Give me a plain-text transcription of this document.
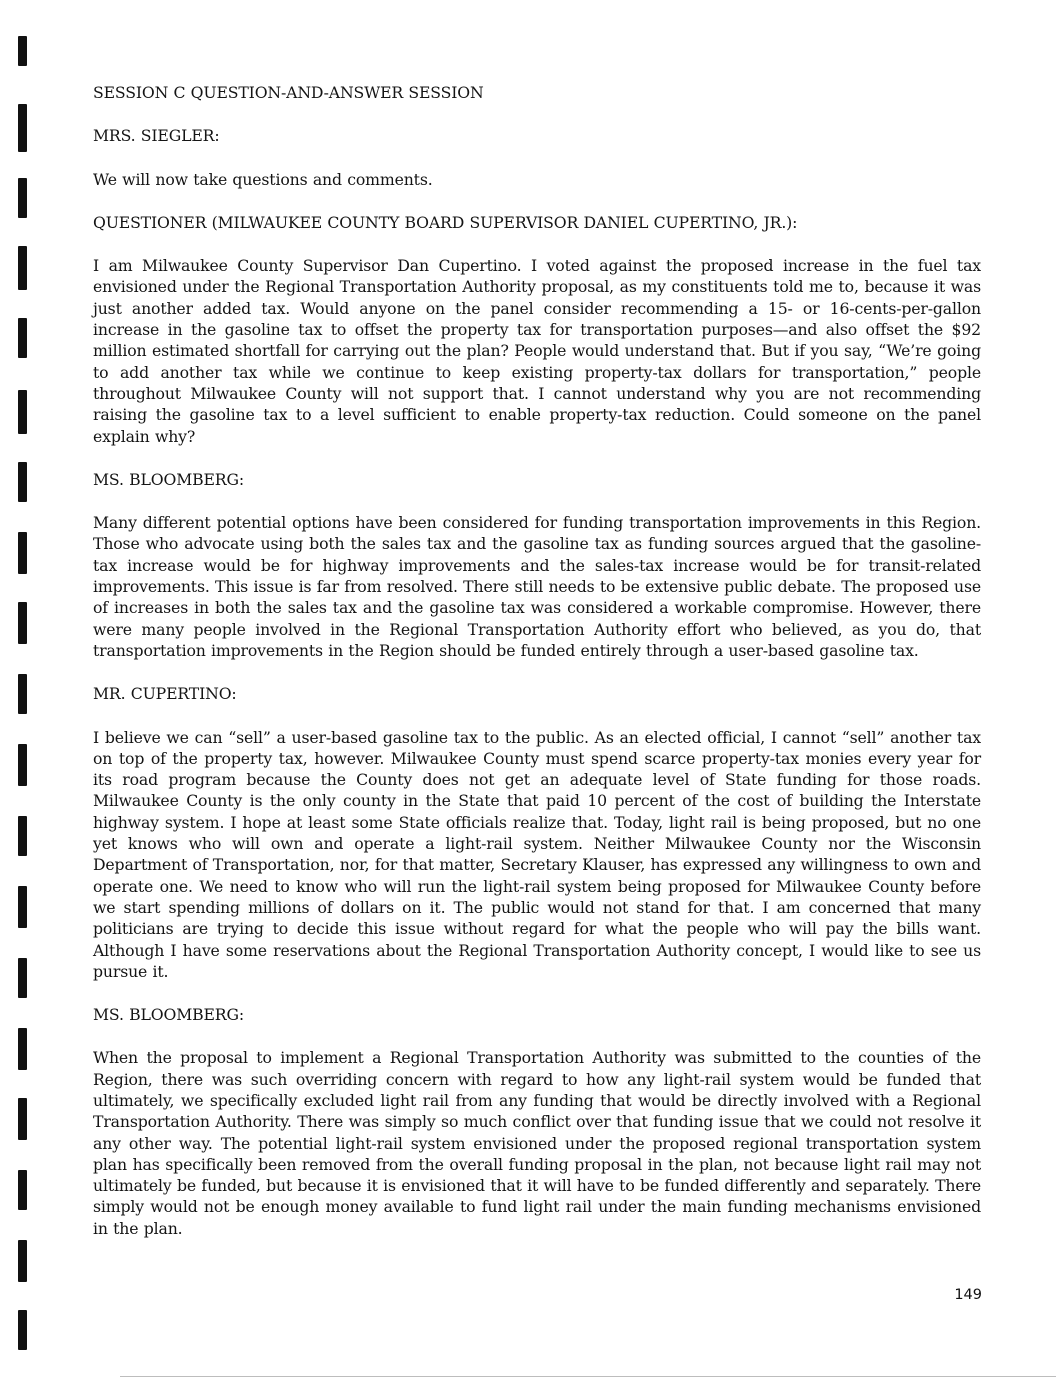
SESSION C QUESTION-AND-ANSWER SESSION

MRS. SIEGLER:

We will now take questions and comments.

QUESTIONER (MILWAUKEE COUNTY BOARD SUPERVISOR DANIEL CUPERTINO, JR.):

I am Milwaukee County Supervisor Dan Cupertino. I voted against the proposed increase in the fuel tax envisioned under the Regional Transportation Authority proposal, as my constituents told me to, because it was just another added tax. Would anyone on the panel consider recommending a 15- or 16-cents-per-gallon increase in the gasoline tax to offset the property tax for transportation purposes—and also offset the $92 million estimated shortfall for carrying out the plan? People would understand that. But if you say, “We’re going to add another tax while we continue to keep existing property-tax dollars for transportation,” people throughout Milwaukee County will not support that. I cannot understand why you are not recommending raising the gasoline tax to a level sufficient to enable property-tax reduction. Could someone on the panel explain why?

MS. BLOOMBERG:

Many different potential options have been considered for funding transportation improvements in this Region. Those who advocate using both the sales tax and the gasoline tax as funding sources argued that the gasoline-tax increase would be for highway improvements and the sales-tax increase would be for transit-related improvements. This issue is far from resolved. There still needs to be extensive public debate. The proposed use of increases in both the sales tax and the gasoline tax was considered a workable compromise. However, there were many people involved in the Regional Transportation Authority effort who believed, as you do, that transportation improvements in the Region should be funded entirely through a user-based gasoline tax.

MR. CUPERTINO:

I believe we can “sell” a user-based gasoline tax to the public. As an elected official, I cannot “sell” another tax on top of the property tax, however. Milwaukee County must spend scarce property-tax monies every year for its road program because the County does not get an adequate level of State funding for those roads. Milwaukee County is the only county in the State that paid 10 percent of the cost of building the Interstate highway system. I hope at least some State officials realize that. Today, light rail is being proposed, but no one yet knows who will own and operate a light-rail system. Neither Milwaukee County nor the Wisconsin Department of Transportation, nor, for that matter, Secretary Klauser, has expressed any willingness to own and operate one. We need to know who will run the light-rail system being proposed for Milwaukee County before we start spending millions of dollars on it. The public would not stand for that. I am concerned that many politicians are trying to decide this issue without regard for what the people who will pay the bills want. Although I have some reservations about the Regional Transportation Authority concept, I would like to see us pursue it.

MS. BLOOMBERG:

When the proposal to implement a Regional Transportation Authority was submitted to the counties of the Region, there was such overriding concern with regard to how any light-rail system would be funded that ultimately, we specifically excluded light rail from any funding that would be directly involved with a Regional Transportation Authority. There was simply so much conflict over that funding issue that we could not resolve it any other way. The potential light-rail system envisioned under the proposed regional transportation system plan has specifically been removed from the overall funding proposal in the plan, not because light rail may not ultimately be funded, but because it is envisioned that it will have to be funded differently and separately. There simply would not be enough money available to fund light rail under the main funding mechanisms envisioned in the plan.

149
